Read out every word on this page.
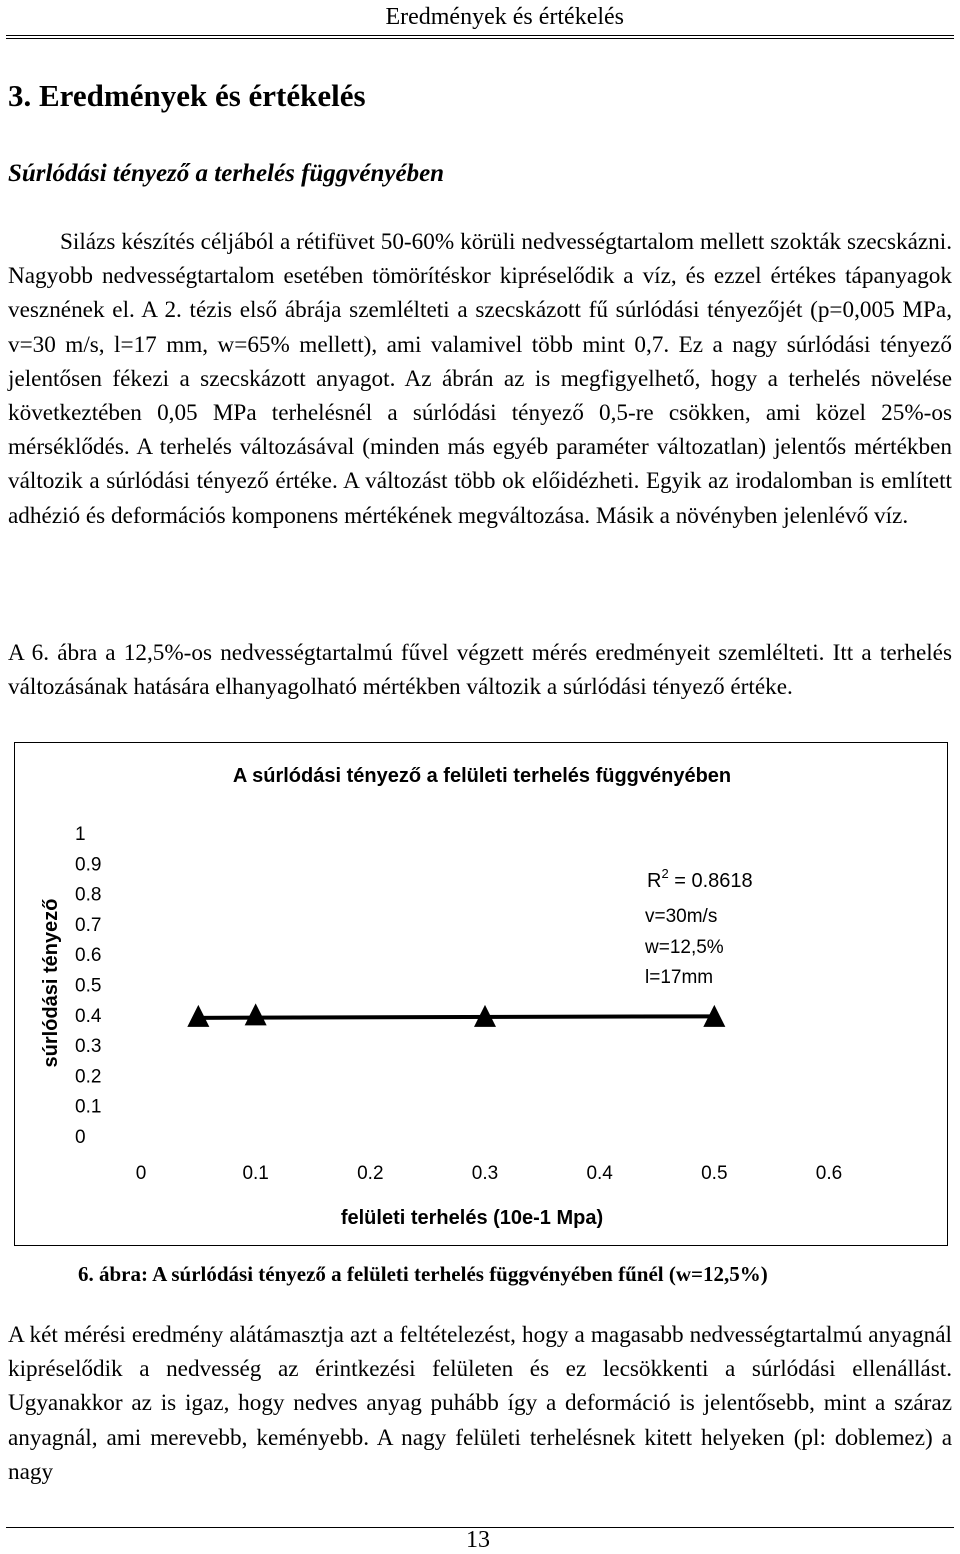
Eredmények és értékelés
3. Eredmények és értékelés
Súrlódási tényező a terhelés függvényében
Silázs készítés céljából a rétifüvet 50-60% körüli nedvességtartalom mellett szokták szecskázni. Nagyobb nedvességtartalom esetében tömörítéskor kipréselődik a víz, és ezzel értékes tápanyagok vesznének el. A 2. tézis első ábrája szemlélteti a szecskázott fű súrlódási tényezőjét (p=0,005 MPa, v=30 m/s, l=17 mm, w=65% mellett), ami valamivel több mint 0,7. Ez a nagy súrlódási tényező jelentősen fékezi a szecskázott anyagot. Az ábrán az is megfigyelhető, hogy a terhelés növelése következtében 0,05 MPa terhelésnél a súrlódási tényező 0,5-re csökken, ami közel 25%-os mérséklődés. A terhelés változásával (minden más egyéb paraméter változatlan) jelentős mértékben változik a súrlódási tényező értéke. A változást több ok előidézheti. Egyik az irodalomban is említett adhézió és deformációs komponens mértékének megváltozása. Másik a növényben jelenlévő víz.
A 6. ábra a 12,5%-os nedvességtartalmú fűvel végzett mérés eredményeit szemlélteti. Itt a terhelés változásának hatására elhanyagolható mértékben változik a súrlódási tényező értéke.
A súrlódási tényező a felületi terhelés függvényében
súrlódási tényező
felületi terhelés (10e-1 Mpa)
0
0.1
0.2
0.3
0.4
0.5
0.6
0.7
0.8
0.9
1
0	0.1	0.2	0.3	0.4	0.5	0.6
$R^2 = 0.8618$
v=30m/s
w=12,5%
l=17mm
6. ábra: A súrlódási tényező a felületi terhelés függvényében fűnél (w=12,5%)
A két mérési eredmény alátámasztja azt a feltételezést, hogy a magasabb nedvességtartalmú anyagnál kipréselődik a nedvesség az érintkezési felületen és ez lecsökkenti a súrlódási ellenállást. Ugyanakkor az is igaz, hogy nedves anyag puhább így a deformáció is jelentősebb, mint a száraz anyagnál, ami merevebb, keményebb. A nagy felületi terhelésnek kitett helyeken (pl: doblemez) a nagy
13
